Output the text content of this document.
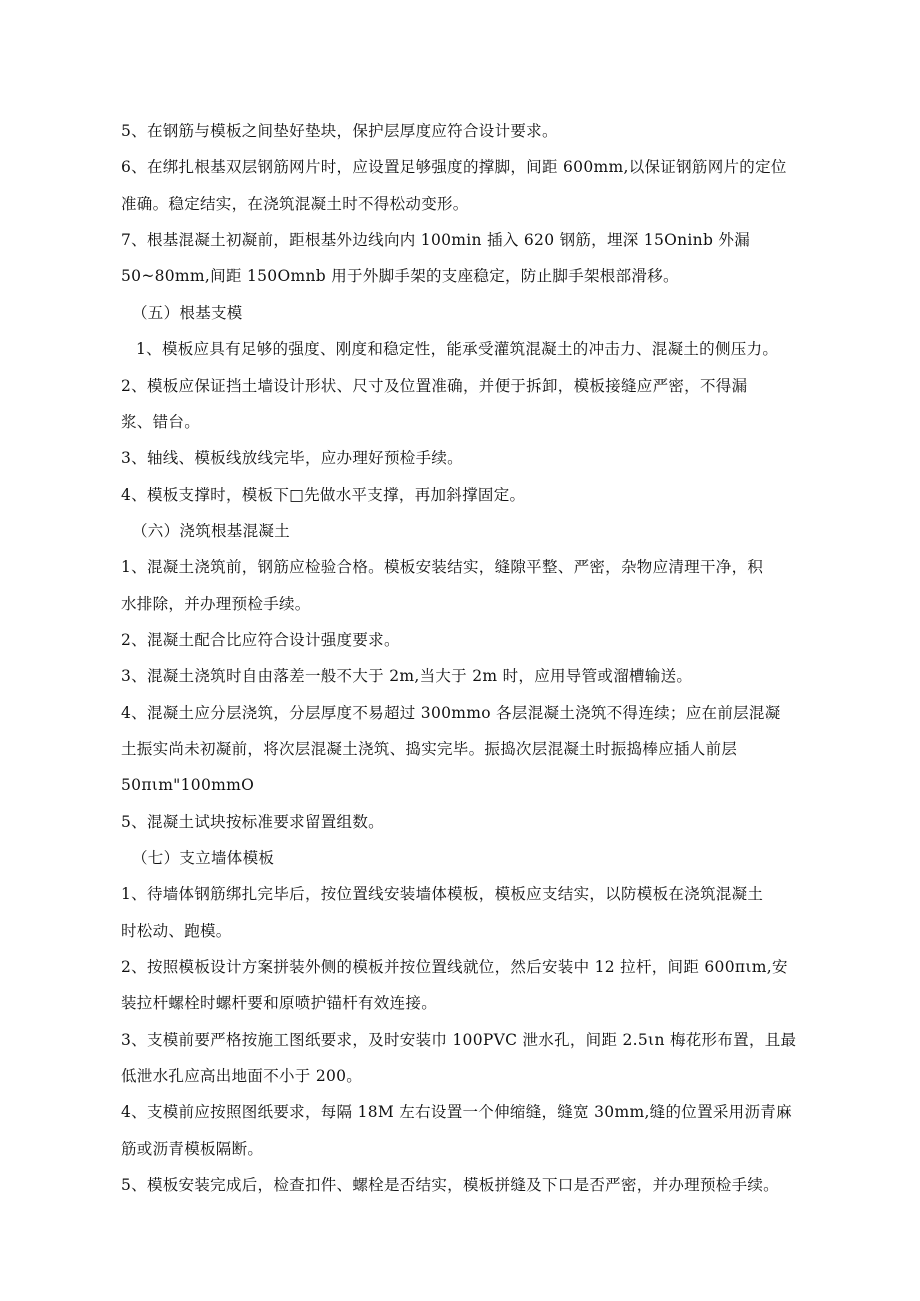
5、在钢筋与模板之间垫好垫块，保护层厚度应符合设计要求。
6、在绑扎根基双层钢筋网片时，应设置足够强度的撑脚，间距 600mm,以保证钢筋网片的定位
准确。稳定结实，在浇筑混凝土时不得松动变形。
7、根基混凝土初凝前，距根基外边线向内 100min 插入 620 钢筋，埋深 15Oninb 外漏
50~80mm,间距 150Omnb 用于外脚手架的支座稳定，防止脚手架根部滑移。
（五）根基支模
1、模板应具有足够的强度、刚度和稳定性，能承受灌筑混凝土的冲击力、混凝土的侧压力。
2、模板应保证挡土墙设计形状、尺寸及位置准确，并便于拆卸，模板接缝应严密，不得漏
浆、错台。
3、轴线、模板线放线完毕，应办理好预检手续。
4、模板支撑时，模板下□先做水平支撑，再加斜撑固定。
（六）浇筑根基混凝土
1、混凝土浇筑前，钢筋应检验合格。模板安装结实，缝隙平整、严密，杂物应清理干净，积
水排除，并办理预检手续。
2、混凝土配合比应符合设计强度要求。
3、混凝土浇筑时自由落差一般不大于 2m,当大于 2m 时，应用导管或溜槽输送。
4、混凝土应分层浇筑，分层厚度不易超过 300mmo 各层混凝土浇筑不得连续；应在前层混凝
土振实尚未初凝前，将次层混凝土浇筑、捣实完毕。振捣次层混凝土时振捣棒应插人前层
50πιm"100mmO
5、混凝土试块按标准要求留置组数。
（七）支立墙体模板
1、待墙体钢筋绑扎完毕后，按位置线安装墙体模板，模板应支结实，以防模板在浇筑混凝土
时松动、跑模。
2、按照模板设计方案拼装外侧的模板并按位置线就位，然后安装中 12 拉杆，间距 600πιm,安
装拉杆螺栓时螺杆要和原喷护锚杆有效连接。
3、支模前要严格按施工图纸要求，及时安装巾 100PVC 泄水孔，间距 2.5ιn 梅花形布置，且最
低泄水孔应高出地面不小于 200。
4、支模前应按照图纸要求，每隔 18M 左右设置一个伸缩缝，缝宽 30mm,缝的位置采用沥青麻
筋或沥青模板隔断。
5、模板安装完成后，检查扣件、螺栓是否结实，模板拼缝及下口是否严密，并办理预检手续。
